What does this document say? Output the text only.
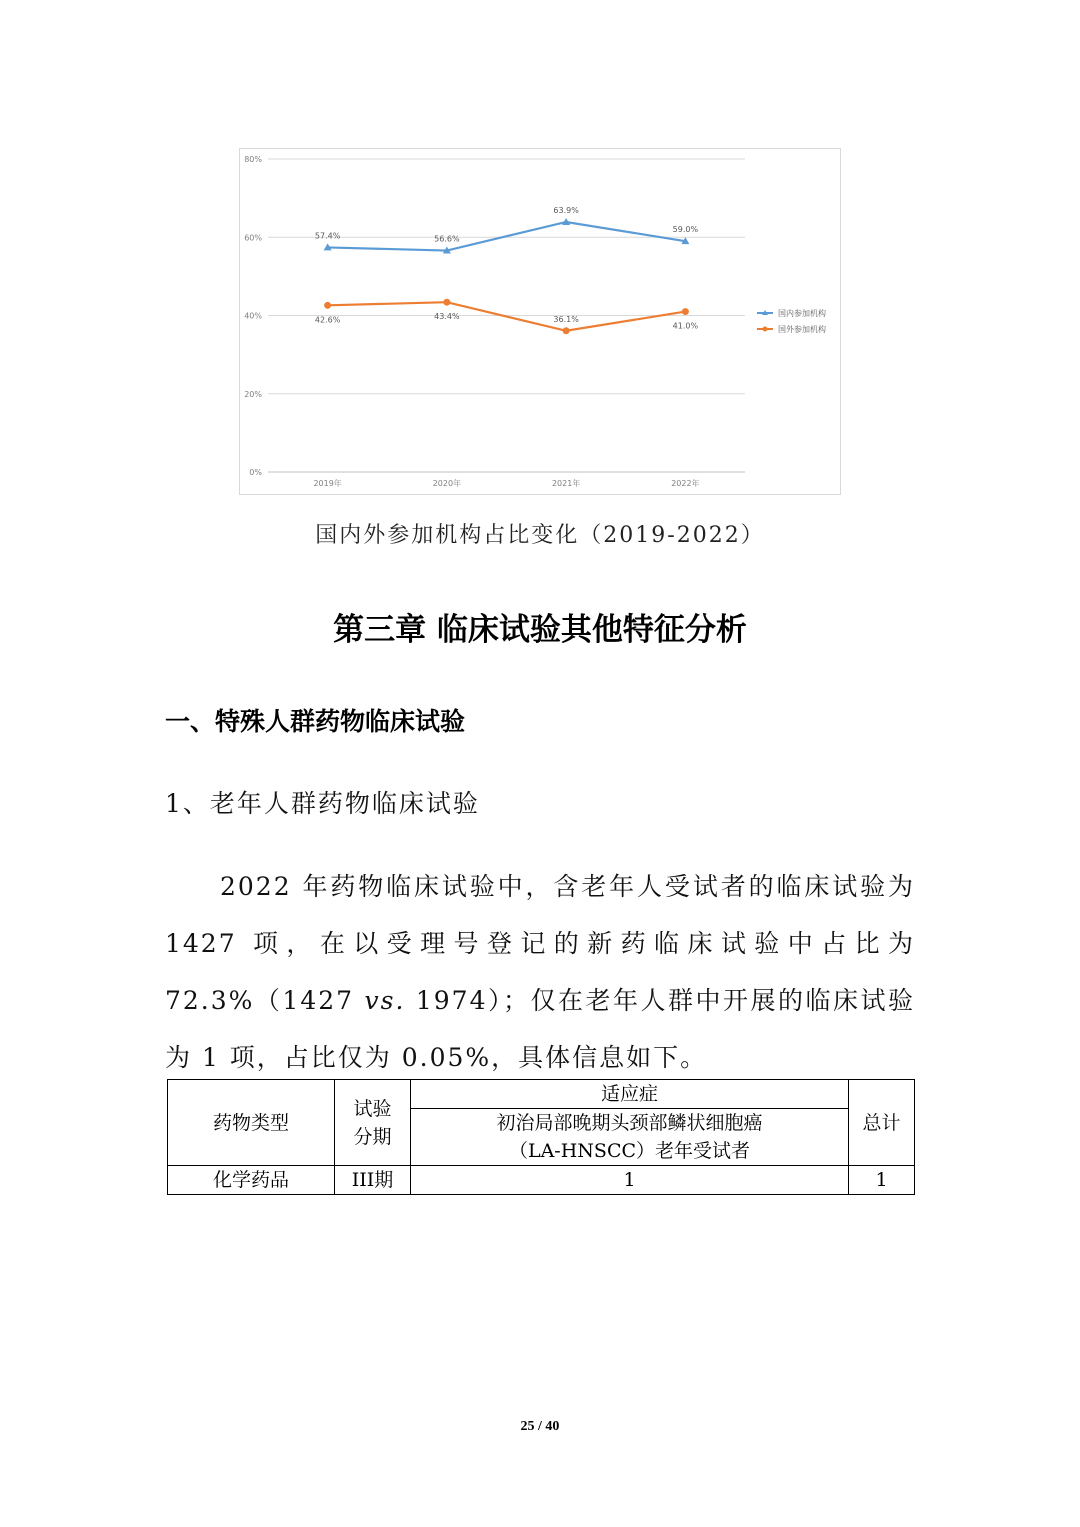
0%
20%
40%
60%
80%
2019年	2020年	2021年	2022年
57.4%	56.6%
63.9%
59.0%
42.6%	43.4%	36.1%
41.0%
国内参加机构
国外参加机构
国内外参加机构占比变化（2019-2022）
第三章 临床试验其他特征分析
一、特殊人群药物临床试验
1、老年人群药物临床试验

2022 年药物临床试验中，含老年人受试者的临床试验为 1427 项，在以受理号登记的新药临床试验中占比为 72.3%（1427 vs. 1974）；仅在老年人群中开展的临床试验为 1 项，占比仅为 0.05%，具体信息如下。

药物类型	试验分期	适应症	总计
		初治局部晚期头颈部鳞状细胞癌（LA-HNSCC）老年受试者	
化学药品	III期	1	1
25 / 40
